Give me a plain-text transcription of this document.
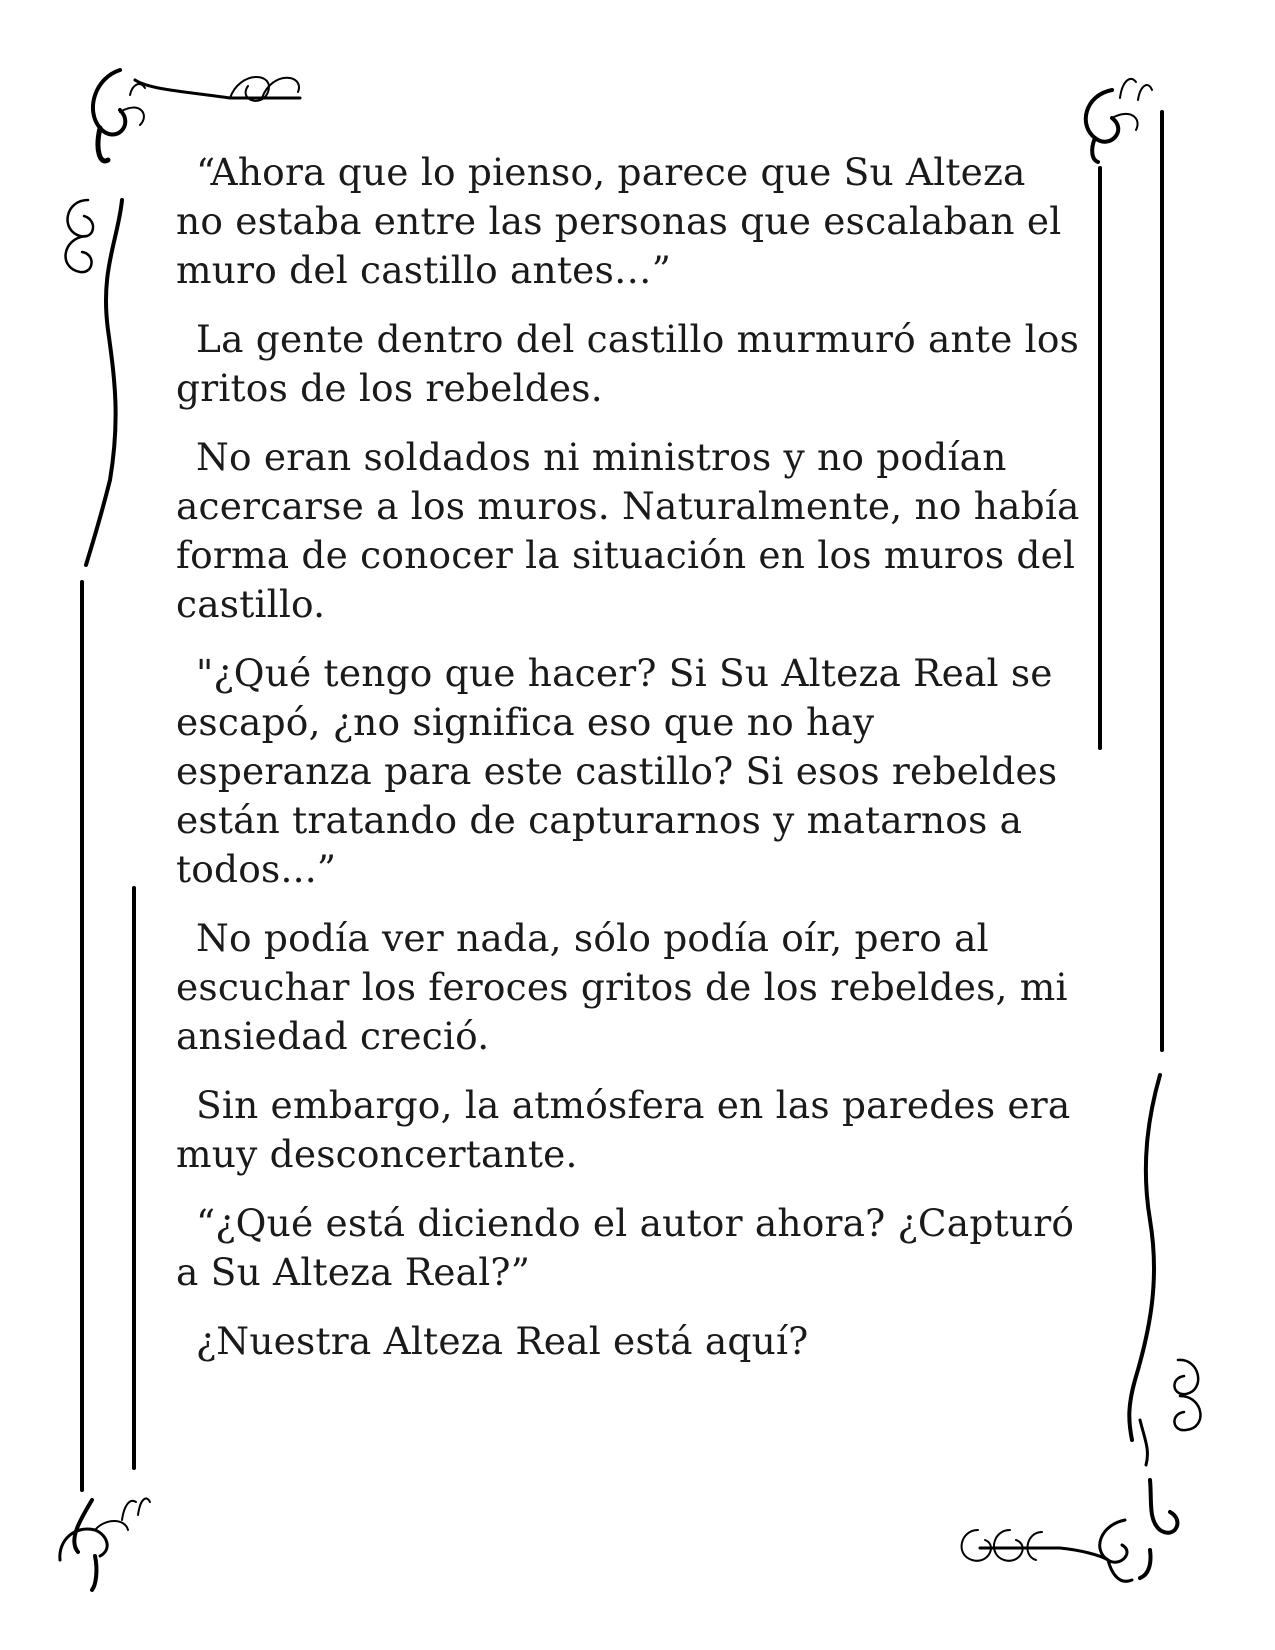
“Ahora que lo pienso, parece que Su Alteza no estaba entre las personas que escalaban el muro del castillo antes…”

La gente dentro del castillo murmuró ante los gritos de los rebeldes.

No eran soldados ni ministros y no podían acercarse a los muros. Naturalmente, no había forma de conocer la situación en los muros del castillo.

"¿Qué tengo que hacer? Si Su Alteza Real se escapó, ¿no significa eso que no hay esperanza para este castillo? Si esos rebeldes están tratando de capturarnos y matarnos a todos...”

No podía ver nada, sólo podía oír, pero al escuchar los feroces gritos de los rebeldes, mi ansiedad creció.

Sin embargo, la atmósfera en las paredes era muy desconcertante.

“¿Qué está diciendo el autor ahora? ¿Capturó a Su Alteza Real?”

¿Nuestra Alteza Real está aquí?
